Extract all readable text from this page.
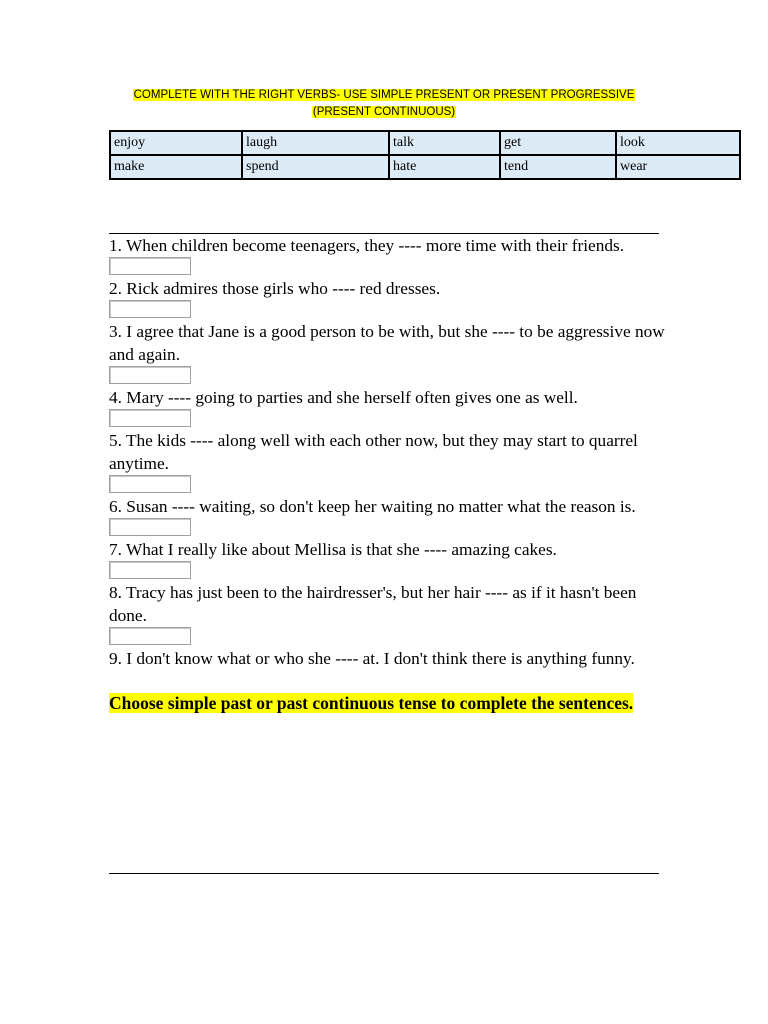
COMPLETE WITH THE RIGHT VERBS- USE SIMPLE PRESENT OR PRESENT PROGRESSIVE
(PRESENT CONTINUOUS)
enjoy	laugh	talk	get	look
make	spend	hate	tend	wear

1. When children become teenagers, they ---- more time with their friends.

2. Rick admires those girls who ---- red dresses.

3. I agree that Jane is a good person to be with, but she ---- to be aggressive now and again.

4. Mary ---- going to parties and she herself often gives one as well.

5. The kids ---- along well with each other now, but they may start to quarrel anytime.

6. Susan ---- waiting, so don't keep her waiting no matter what the reason is.

7. What I really like about Mellisa is that she ---- amazing cakes.

8. Tracy has just been to the hairdresser's, but her hair ---- as if it hasn't been done.

9. I don't know what or who she ---- at. I don't think there is anything funny.

Choose simple past or past continuous tense to complete the sentences.
